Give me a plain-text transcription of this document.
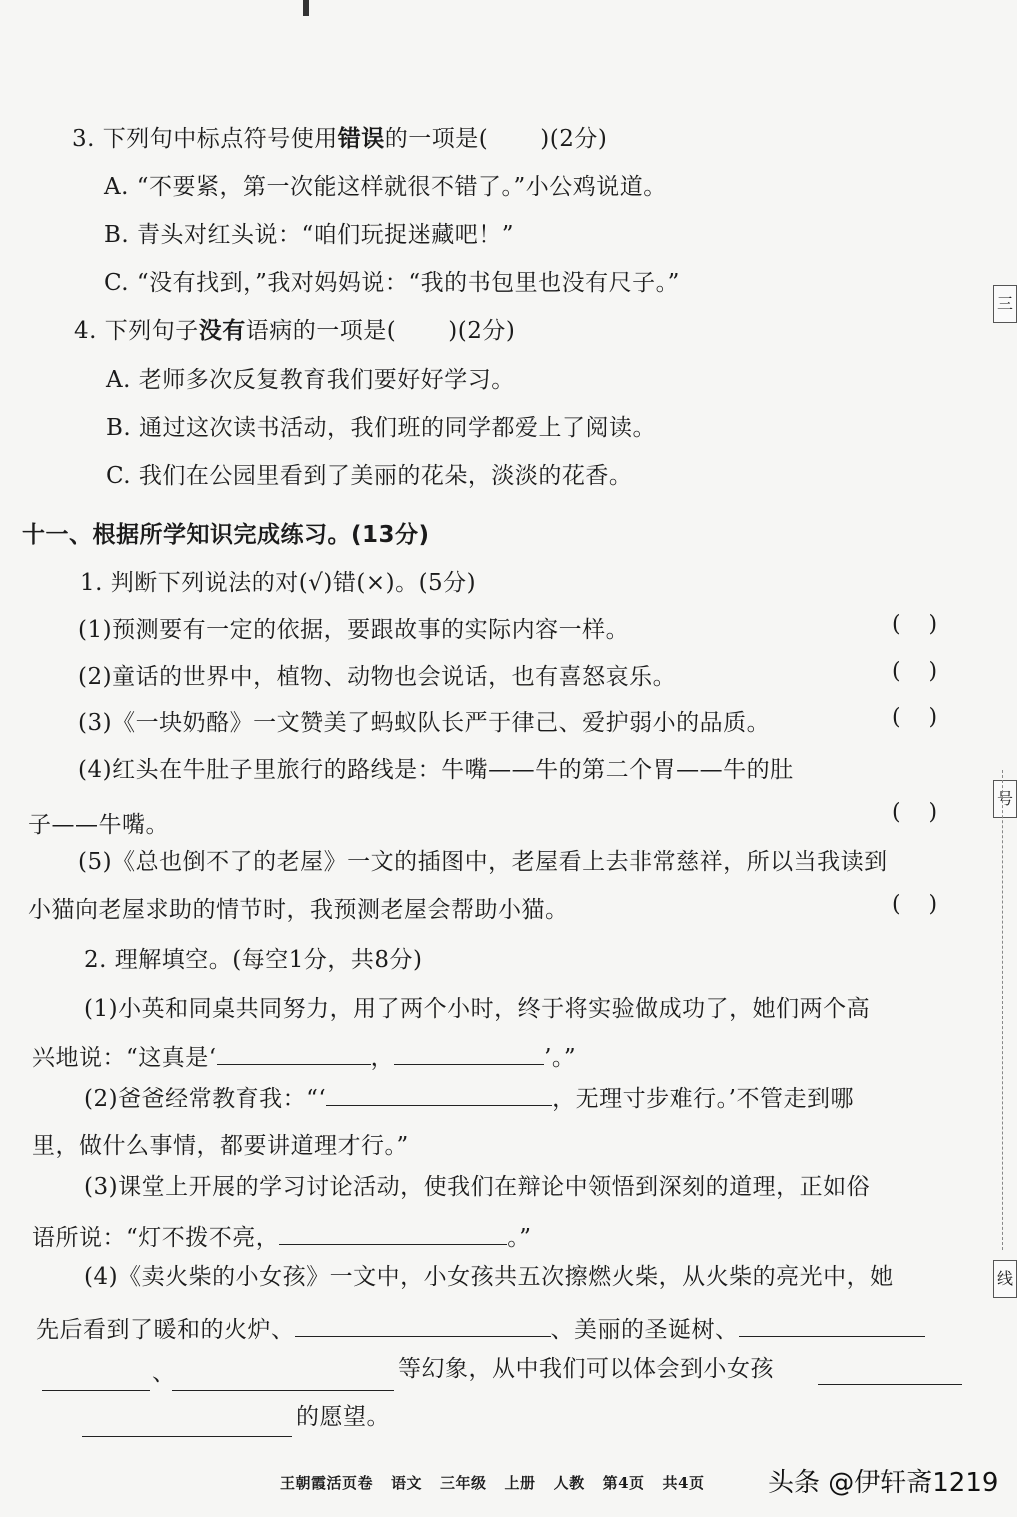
3. 下列句中标点符号使用错误的一项是( )(2分)
A. “不要紧，第一次能这样就很不错了。”小公鸡说道。
B. 青头对红头说：“咱们玩捉迷藏吧！”
C. “没有找到，”我对妈妈说：“我的书包里也没有尺子。”
4. 下列句子没有语病的一项是( )(2分)
A. 老师多次反复教育我们要好好学习。
B. 通过这次读书活动，我们班的同学都爱上了阅读。
C. 我们在公园里看到了美丽的花朵，淡淡的花香。
十一、根据所学知识完成练习。(13分)
1. 判断下列说法的对(√)错(×)。(5分)
(1)预测要有一定的依据，要跟故事的实际内容一样。	(    )
(2)童话的世界中，植物、动物也会说话，也有喜怒哀乐。	(    )
(3)《一块奶酪》一文赞美了蚂蚁队长严于律己、爱护弱小的品质。	(    )
(4)红头在牛肚子里旅行的路线是：牛嘴——牛的第二个胃——牛的肚
子——牛嘴。	(    )
(5)《总也倒不了的老屋》一文的插图中，老屋看上去非常慈祥，所以当我读到
小猫向老屋求助的情节时，我预测老屋会帮助小猫。	(    )
2. 理解填空。(每空1分，共8分)
(1)小英和同桌共同努力，用了两个小时，终于将实验做成功了，她们两个高
兴地说：“这真是‘	，	’。”
(2)爸爸经常教育我：“‘	，无理寸步难行。’不管走到哪
里，做什么事情，都要讲道理才行。”
(3)课堂上开展的学习讨论活动，使我们在辩论中领悟到深刻的道理，正如俗
语所说：“灯不拨不亮，	。”
(4)《卖火柴的小女孩》一文中，小女孩共五次擦燃火柴，从火柴的亮光中，她
先后看到了暖和的火炉、	、美丽的圣诞树、
、	等幻象，从中我们可以体会到小女孩
的愿望。
王朝霞活页卷 语文 三年级 上册 人教 第4页 共4页	头条 @伊轩斋1219
三
号
线
